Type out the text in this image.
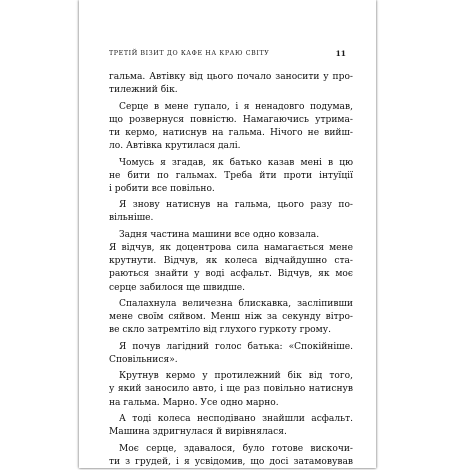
ТРЕТІЙ ВІЗИТ ДО КАФЕ НА КРАЮ СВІТУ	11
гальма. Автівку від цього почало заносити у про-
тилежний бік.
Серце в мене гупало, і я ненадовго подумав,
що розвернуся повністю. Намагаючись утрима-
ти кермо, натиснув на гальма. Нічого не вийш-
ло. Автівка крутилася далі.
Чомусь я згадав, як батько казав мені в цю
не бити по гальмах. Треба йти проти інтуїції
і робити все повільно.
Я знову натиснув на гальма, цього разу по-
вільніше.
Задня частина машини все одно ковзала.
Я відчув, як доцентрова сила намагається мене
крутнути. Відчув, як колеса відчайдушно ста-
раються знайти у воді асфальт. Відчув, як моє
серце забилося ще швидше.
Спалахнула величезна блискавка, засліпивши
мене своїм сяйвом. Менш ніж за секунду вітро-
ве скло затремтіло від глухого гуркоту грому.
Я почув лагідний голос батька: «Спокійніше.
Сповільнися».
Крутнув кермо у протилежний бік від того,
у який заносило авто, і ще раз повільно натиснув
на гальма. Марно. Усе одно марно.
А тоді колеса несподівано знайшли асфальт.
Машина здригнулася й вирівнялася.
Моє серце, здавалося, було готове вискочи-
ти з грудей, і я усвідомив, що досі затамовував
